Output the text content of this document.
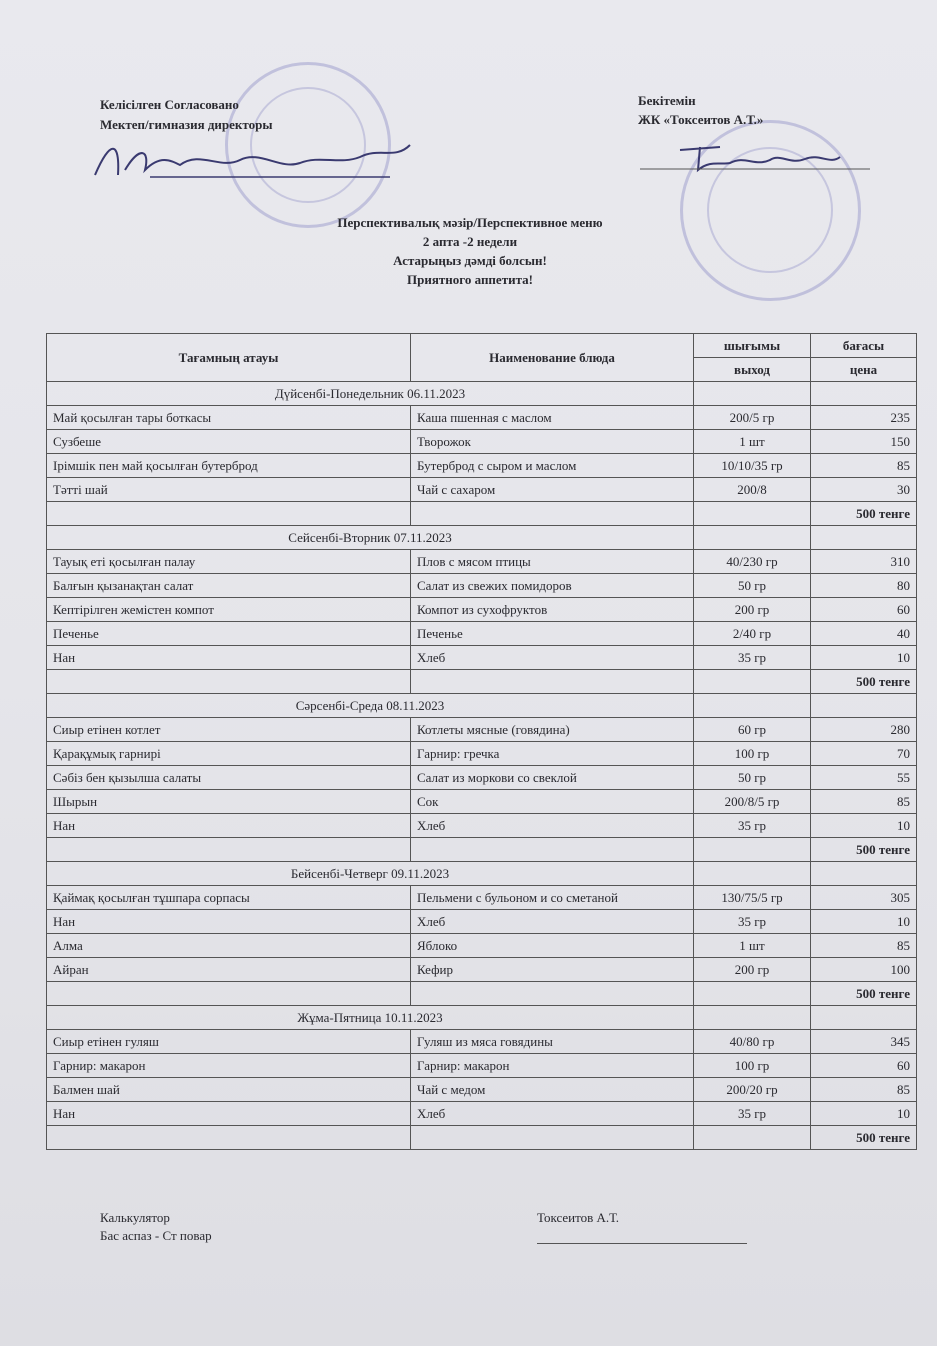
Келісілген Согласовано
Мектеп/гимназия директоры
Бекітемін
ЖК «Токсеитов А.Т.»
Перспективалық мәзір/Перспективное меню
2 апта -2 недели
Астарыңыз дәмді болсын!
Приятного аппетита!
Тағамның атауы	Наименование блюда	шығымы	бағасы
		выход	цена
Дүйсенбі-Понедельник 06.11.2023			
Май қосылған тары боткасы	Каша пшенная с маслом	200/5 гр	235
Сузбеше	Творожок	1 шт	150
Ірімшік пен май қосылған бутерброд	Бутерброд с сыром и маслом	10/10/35 гр	85
Тәтті шай	Чай с сахаром	200/8	30
			500 тенге
Сейсенбі-Вторник 07.11.2023			
Тауық еті қосылған палау	Плов с мясом птицы	40/230 гр	310
Балғын қызанақтан салат	Салат из свежих помидоров	50 гр	80
Кептірілген жемістен компот	Компот из сухофруктов	200 гр	60
Печенье	Печенье	2/40 гр	40
Нан	Хлеб	35 гр	10
			500 тенге
Сәрсенбі-Среда 08.11.2023			
Сиыр етінен котлет	Котлеты мясные (говядина)	60 гр	280
Қарақұмық гарнирі	Гарнир: гречка	100 гр	70
Сәбіз бен қызылша салаты	Салат из моркови со свеклой	50 гр	55
Шырын	Сок	200/8/5 гр	85
Нан	Хлеб	35 гр	10
			500 тенге
Бейсенбі-Четверг 09.11.2023			
Қаймақ қосылған тұшпара сорпасы	Пельмени с бульоном и со сметаной	130/75/5 гр	305
Нан	Хлеб	35 гр	10
Алма	Яблоко	1 шт	85
Айран	Кефир	200 гр	100
			500 тенге
Жұма-Пятница 10.11.2023			
Сиыр етінен гуляш	Гуляш из мяса говядины	40/80 гр	345
Гарнир: макарон	Гарнир: макарон	100 гр	60
Балмен шай	Чай с медом	200/20 гр	85
Нан	Хлеб	35 гр	10
			500 тенге
Калькулятор
Бас аспаз - Ст повар
Токсеитов А.Т.
